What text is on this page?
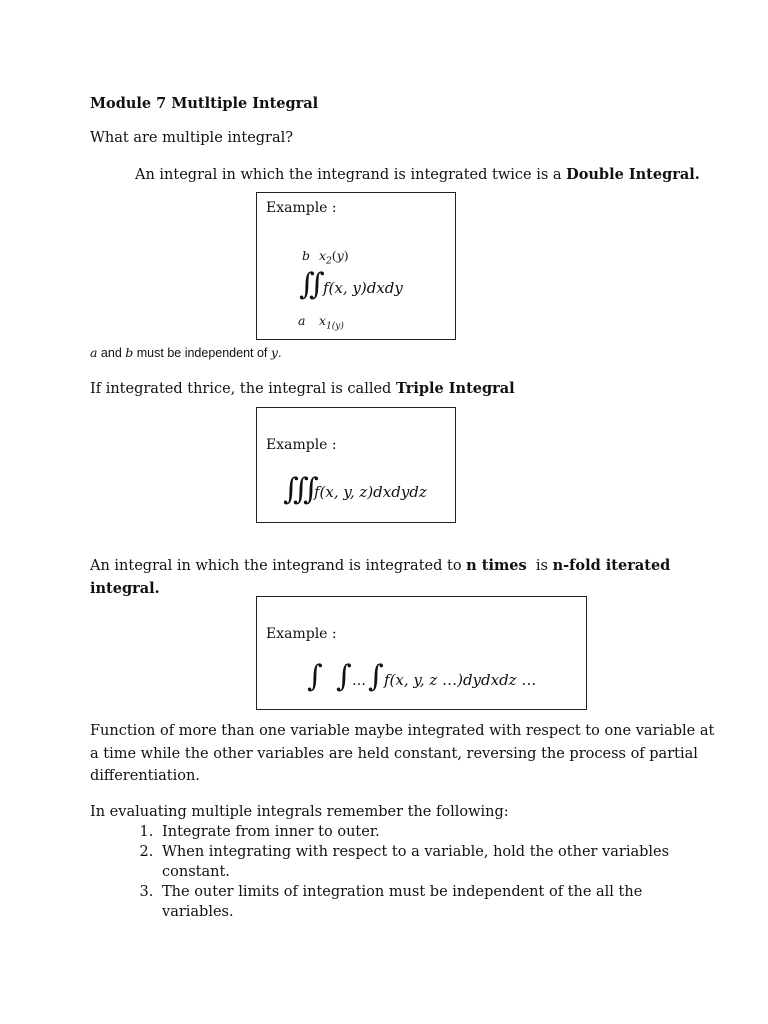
Module 7 Mutltiple Integral
What are multiple integral?
An integral in which the integrand is integrated twice is a Double Integral.
Example :
b $x_2(y)$
∬
f(x, y)dxdy
a $x_{1(y)}$
a and b must be independent of y.
If integrated thrice, the integral is called Triple Integral
Example :
∭
f(x, y, z)dxdydz
An integral in which the integrand is integrated to n times is n-fold iterated
integral.
Example :
∫ ∫ … ∫ f(x, y, z …)dydxdz …
Function of more than one variable maybe integrated with respect to one variable at
a time while the other variables are held constant, reversing the process of partial
differentiation.
In evaluating multiple integrals remember the following:
1. Integrate from inner to outer.
2. When integrating with respect to a variable, hold the other variables constant.
3. The outer limits of integration must be independent of the all the variables.
